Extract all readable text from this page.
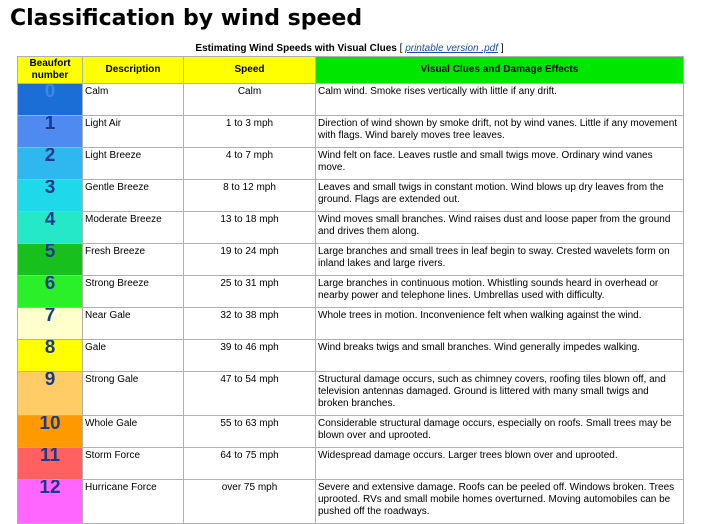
Classification by wind speed
Estimating Wind Speeds with Visual Clues [ printable version .pdf ]
Beaufort number	Description	Speed	Visual Clues and Damage Effects
0	Calm	Calm	Calm wind. Smoke rises vertically with little if any drift.
1	Light Air	1 to 3 mph	Direction of wind shown by smoke drift, not by wind vanes. Little if any movement with flags. Wind barely moves tree leaves.
2	Light Breeze	4 to 7 mph	Wind felt on face. Leaves rustle and small twigs move. Ordinary wind vanes move.
3	Gentle Breeze	8 to 12 mph	Leaves and small twigs in constant motion. Wind blows up dry leaves from the ground. Flags are extended out.
4	Moderate Breeze	13 to 18 mph	Wind moves small branches. Wind raises dust and loose paper from the ground and drives them along.
5	Fresh Breeze	19 to 24 mph	Large branches and small trees in leaf begin to sway. Crested wavelets form on inland lakes and large rivers.
6	Strong Breeze	25 to 31 mph	Large branches in continuous motion. Whistling sounds heard in overhead or nearby power and telephone lines. Umbrellas used with difficulty.
7	Near Gale	32 to 38 mph	Whole trees in motion. Inconvenience felt when walking against the wind.
8	Gale	39 to 46 mph	Wind breaks twigs and small branches. Wind generally impedes walking.
9	Strong Gale	47 to 54 mph	Structural damage occurs, such as chimney covers, roofing tiles blown off, and television antennas damaged. Ground is littered with many small twigs and broken branches.
10	Whole Gale	55 to 63 mph	Considerable structural damage occurs, especially on roofs. Small trees may be blown over and uprooted.
11	Storm Force	64 to 75 mph	Widespread damage occurs. Larger trees blown over and uprooted.
12	Hurricane Force	over 75 mph	Severe and extensive damage. Roofs can be peeled off. Windows broken. Trees uprooted. RVs and small mobile homes overturned. Moving automobiles can be pushed off the roadways.
